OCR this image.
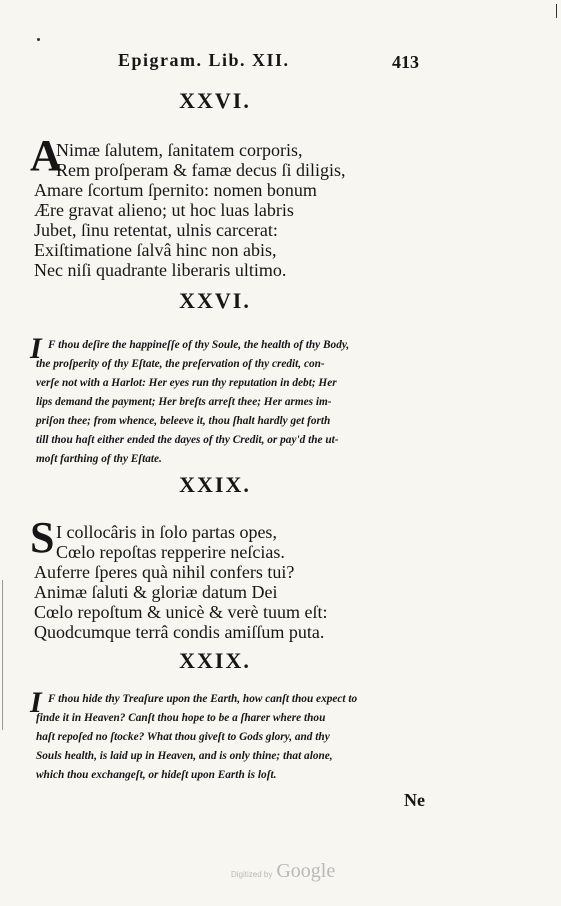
Epigram. Lib. XII.	413
XXVI.
A
Nimæ ſalutem, ſanitatem corporis,
Rem proſperam & famæ decus ſi diligis,
Amare ſcortum ſpernito: nomen bonum
Ære gravat alieno; ut hoc luas labris
Jubet, ſinu retentat, ulnis carcerat:
Exiſtimatione ſalvâ hinc non abis,
Nec niſi quadrante liberaris ultimo.
XXVI.
I F thou deſire the happineſſe of thy Soule, the health of thy Body,
the proſperity of thy Eſtate, the preſervation of thy credit, con-
verſe not with a Harlot: Her eyes run thy reputation in debt; Her
lips demand the payment; Her breſts arreſt thee; Her armes im-
priſon thee; from whence, beleeve it, thou ſhalt hardly get forth
till thou haſt either ended the dayes of thy Credit, or pay'd the ut-
moſt farthing of thy Eſtate.
XXIX.
S I collocâris in ſolo partas opes,
Cœlo repoſtas repperire neſcias.
Auferre ſperes quà nihil confers tui?
Animæ ſaluti & gloriæ datum Dei
Cœlo repoſtum & unicè & verè tuum eſt:
Quodcumque terrâ condis amiſſum puta.
XXIX.
I F thou hide thy Treaſure upon the Earth, how canſt thou expect to
finde it in Heaven? Canſt thou hope to be a ſharer where thou
haſt repoſed no ſtocke? What thou giveſt to Gods glory, and thy
Souls health, is laid up in Heaven, and is only thine; that alone,
which thou exchangeſt, or hideſt upon Earth is loſt.
Ne
Digitized by Google
